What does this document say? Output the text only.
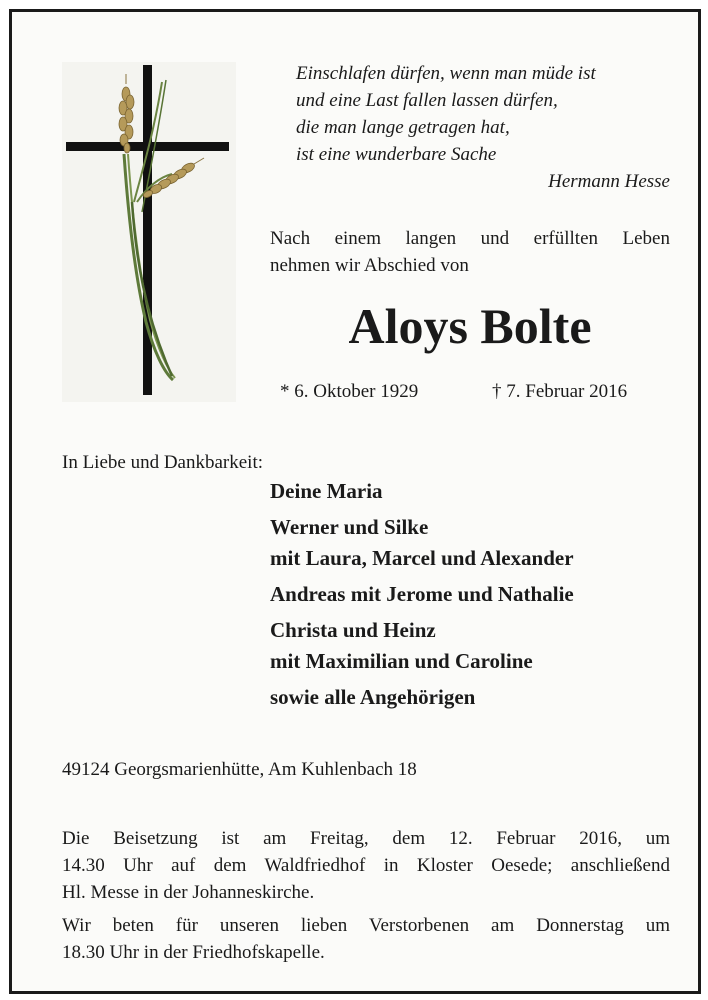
Einschlafen dürfen, wenn man müde ist
und eine Last fallen lassen dürfen,
die man lange getragen hat,
ist eine wunderbare Sache
Hermann Hesse
Nach einem langen und erfüllten Leben
nehmen wir Abschied von
Aloys Bolte
* 6. Oktober 1929	† 7. Februar 2016
In Liebe und Dankbarkeit:
Deine Maria
Werner und Silke
mit Laura, Marcel und Alexander
Andreas mit Jerome und Nathalie
Christa und Heinz
mit Maximilian und Caroline
sowie alle Angehörigen
49124 Georgsmarienhütte, Am Kuhlenbach 18
Die Beisetzung ist am Freitag, dem 12. Februar 2016, um
14.30 Uhr auf dem Waldfriedhof in Kloster Oesede; anschließend
Hl. Messe in der Johanneskirche.
Wir beten für unseren lieben Verstorbenen am Donnerstag um
18.30 Uhr in der Friedhofskapelle.
